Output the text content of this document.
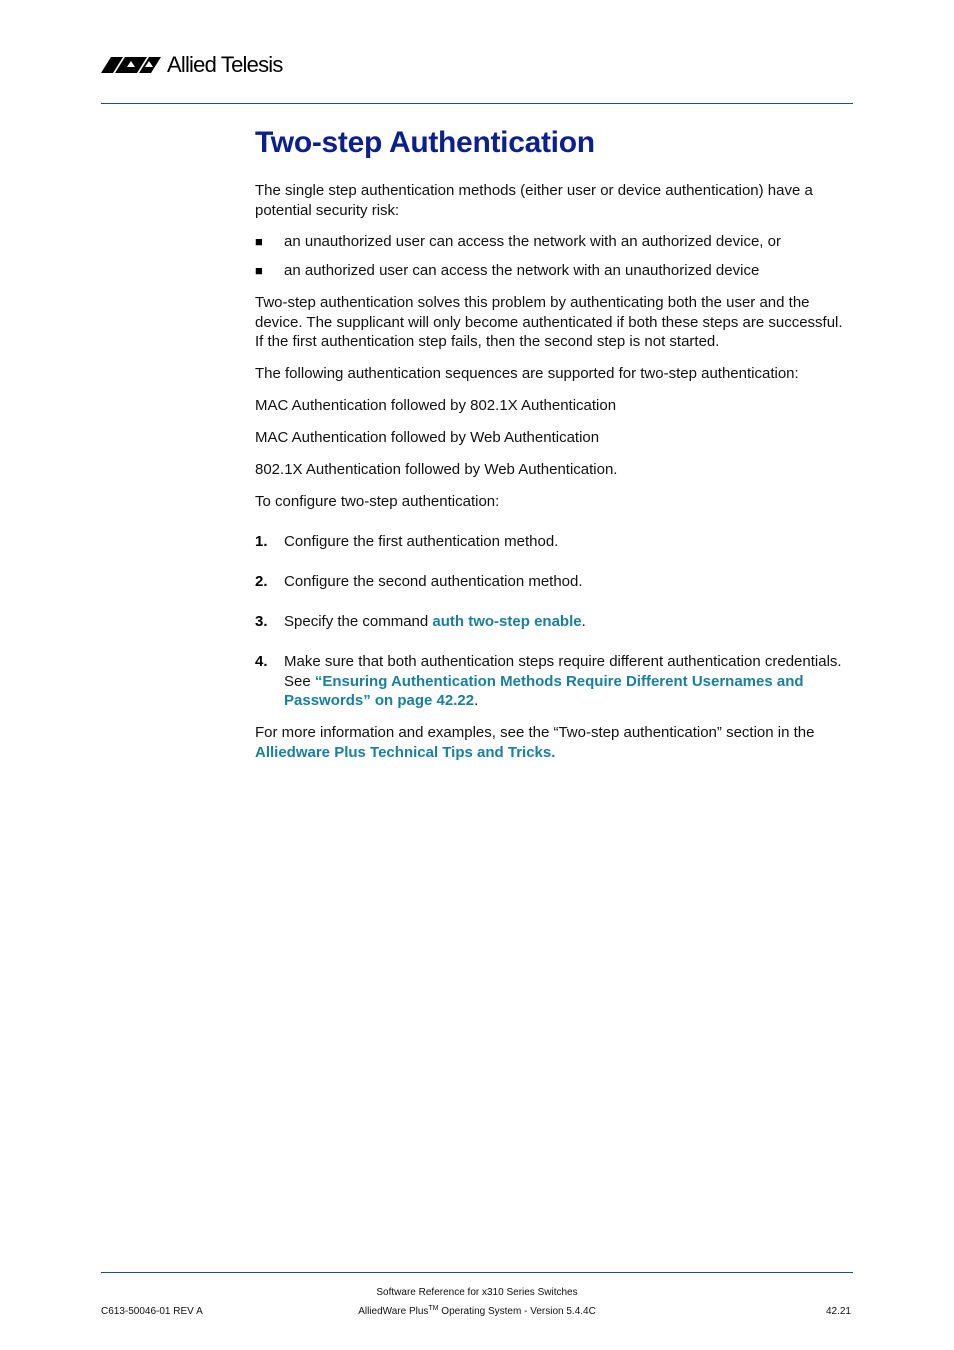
Allied Telesis
Two-step Authentication

The single step authentication methods (either user or device authentication) have a potential security risk:

■ an unauthorized user can access the network with an authorized device, or
■ an authorized user can access the network with an unauthorized device

Two-step authentication solves this problem by authenticating both the user and the device. The supplicant will only become authenticated if both these steps are successful. If the first authentication step fails, then the second step is not started.

The following authentication sequences are supported for two-step authentication:

MAC Authentication followed by 802.1X Authentication

MAC Authentication followed by Web Authentication

802.1X Authentication followed by Web Authentication.

To configure two-step authentication:

1. Configure the first authentication method.
2. Configure the second authentication method.
3. Specify the command auth two-step enable.
4. Make sure that both authentication steps require different authentication credentials. See “Ensuring Authentication Methods Require Different Usernames and Passwords” on page 42.22.

For more information and examples, see the “Two-step authentication” section in the Alliedware Plus Technical Tips and Tricks.

Software Reference for x310 Series Switches
C613-50046-01 REV A	AlliedWare Plus™ Operating System - Version 5.4.4C	42.21
